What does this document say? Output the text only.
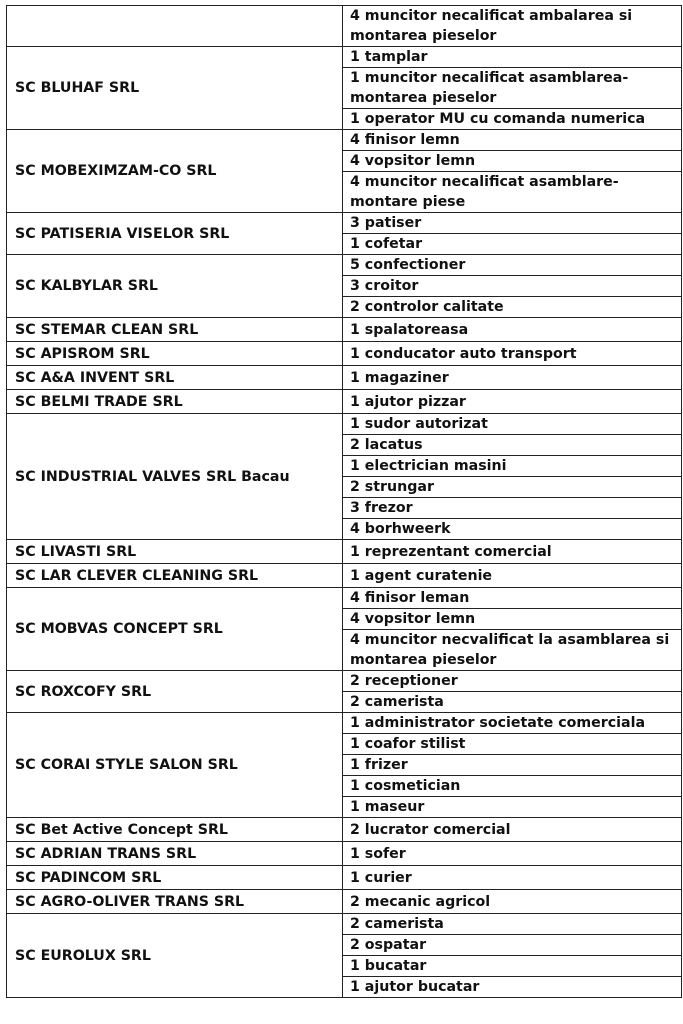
	4 muncitor necalificat ambalarea si montarea pieselor
SC BLUHAF SRL	1 tamplar
	1 muncitor necalificat asamblarea-montarea pieselor
	1 operator MU cu comanda numerica
SC MOBEXIMZAM-CO SRL	4 finisor lemn
	4 vopsitor lemn
	4 muncitor necalificat asamblare-montare piese
SC PATISERIA VISELOR SRL	3 patiser
	1 cofetar
SC KALBYLAR SRL	5 confectioner
	3 croitor
	2 controlor calitate
SC STEMAR CLEAN SRL	1 spalatoreasa
SC APISROM SRL	1 conducator auto transport
SC A&A INVENT SRL	1 magaziner
SC BELMI TRADE SRL	1 ajutor pizzar
SC INDUSTRIAL VALVES SRL Bacau	1 sudor autorizat
	2 lacatus
	1 electrician masini
	2 strungar
	3 frezor
	4 borhweerk
SC LIVASTI SRL	1 reprezentant comercial
SC LAR CLEVER CLEANING SRL	1 agent curatenie
SC MOBVAS CONCEPT SRL	4 finisor leman
	4 vopsitor lemn
	4 muncitor necvalificat la asamblarea si montarea pieselor
SC ROXCOFY SRL	2 receptioner
	2 camerista
SC CORAI STYLE SALON SRL	1 administrator societate comerciala
	1 coafor stilist
	1 frizer
	1 cosmetician
	1 maseur
SC Bet Active Concept SRL	2 lucrator comercial
SC ADRIAN TRANS SRL	1 sofer
SC PADINCOM SRL	1 curier
SC AGRO-OLIVER TRANS SRL	2 mecanic agricol
SC EUROLUX SRL	2 camerista
	2 ospatar
	1 bucatar
	1 ajutor bucatar
